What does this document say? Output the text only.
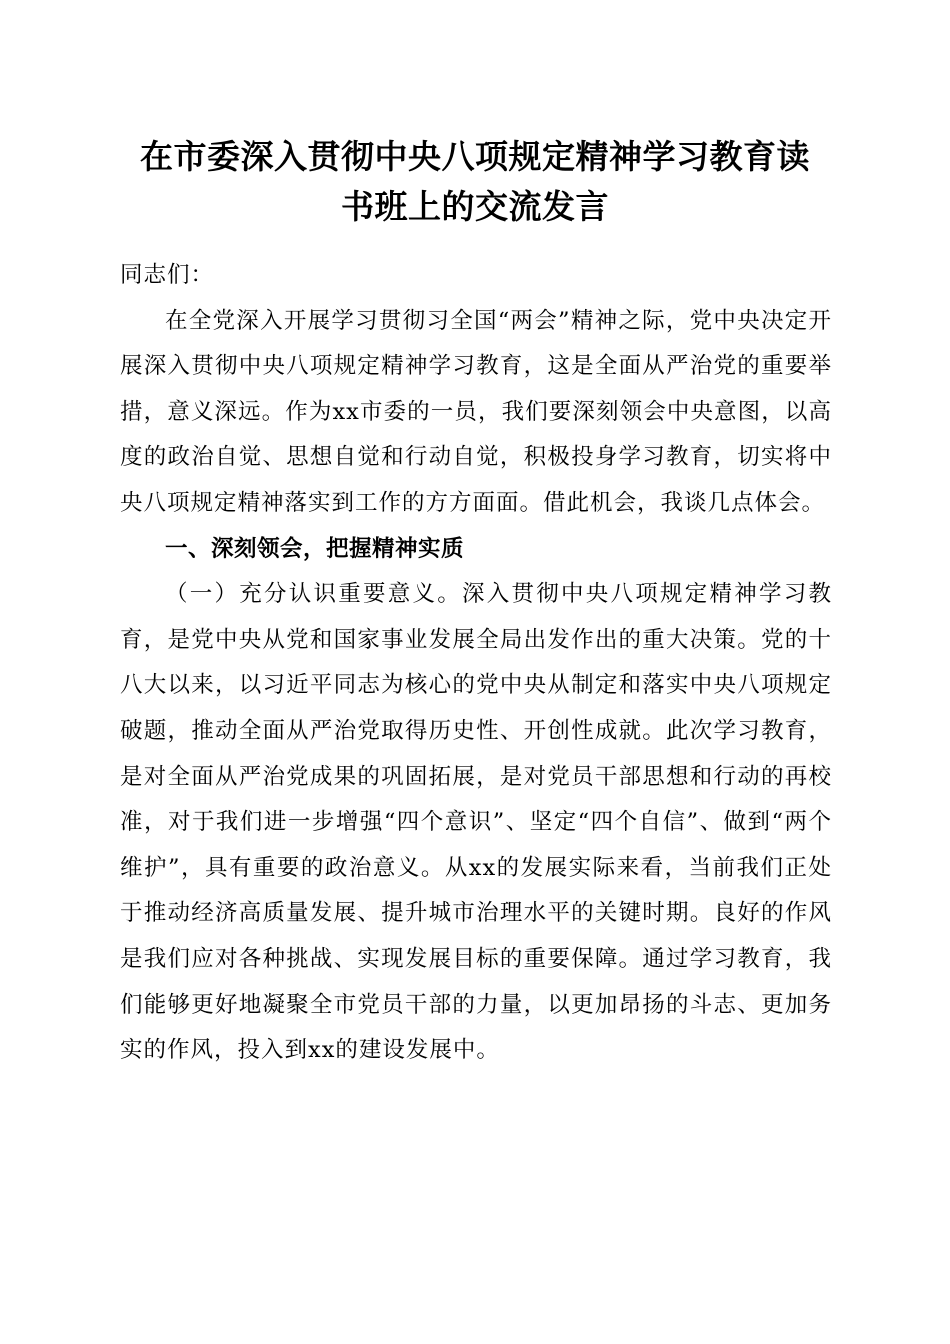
在市委深入贯彻中央八项规定精神学习教育读
书班上的交流发言

同志们：

在全党深入开展学习贯彻习全国“两会”精神之际，党中央决定开展深入贯彻中央八项规定精神学习教育，这是全面从严治党的重要举措，意义深远。作为xx市委的一员，我们要深刻领会中央意图，以高度的政治自觉、思想自觉和行动自觉，积极投身学习教育，切实将中央八项规定精神落实到工作的方方面面。借此机会，我谈几点体会。

一、深刻领会，把握精神实质

（一）充分认识重要意义。深入贯彻中央八项规定精神学习教育，是党中央从党和国家事业发展全局出发作出的重大决策。党的十八大以来，以习近平同志为核心的党中央从制定和落实中央八项规定破题，推动全面从严治党取得历史性、开创性成就。此次学习教育，是对全面从严治党成果的巩固拓展，是对党员干部思想和行动的再校准，对于我们进一步增强“四个意识”、坚定“四个自信”、做到“两个维护”，具有重要的政治意义。从xx的发展实际来看，当前我们正处于推动经济高质量发展、提升城市治理水平的关键时期。良好的作风是我们应对各种挑战、实现发展目标的重要保障。通过学习教育，我们能够更好地凝聚全市党员干部的力量，以更加昂扬的斗志、更加务实的作风，投入到xx的建设发展中。
